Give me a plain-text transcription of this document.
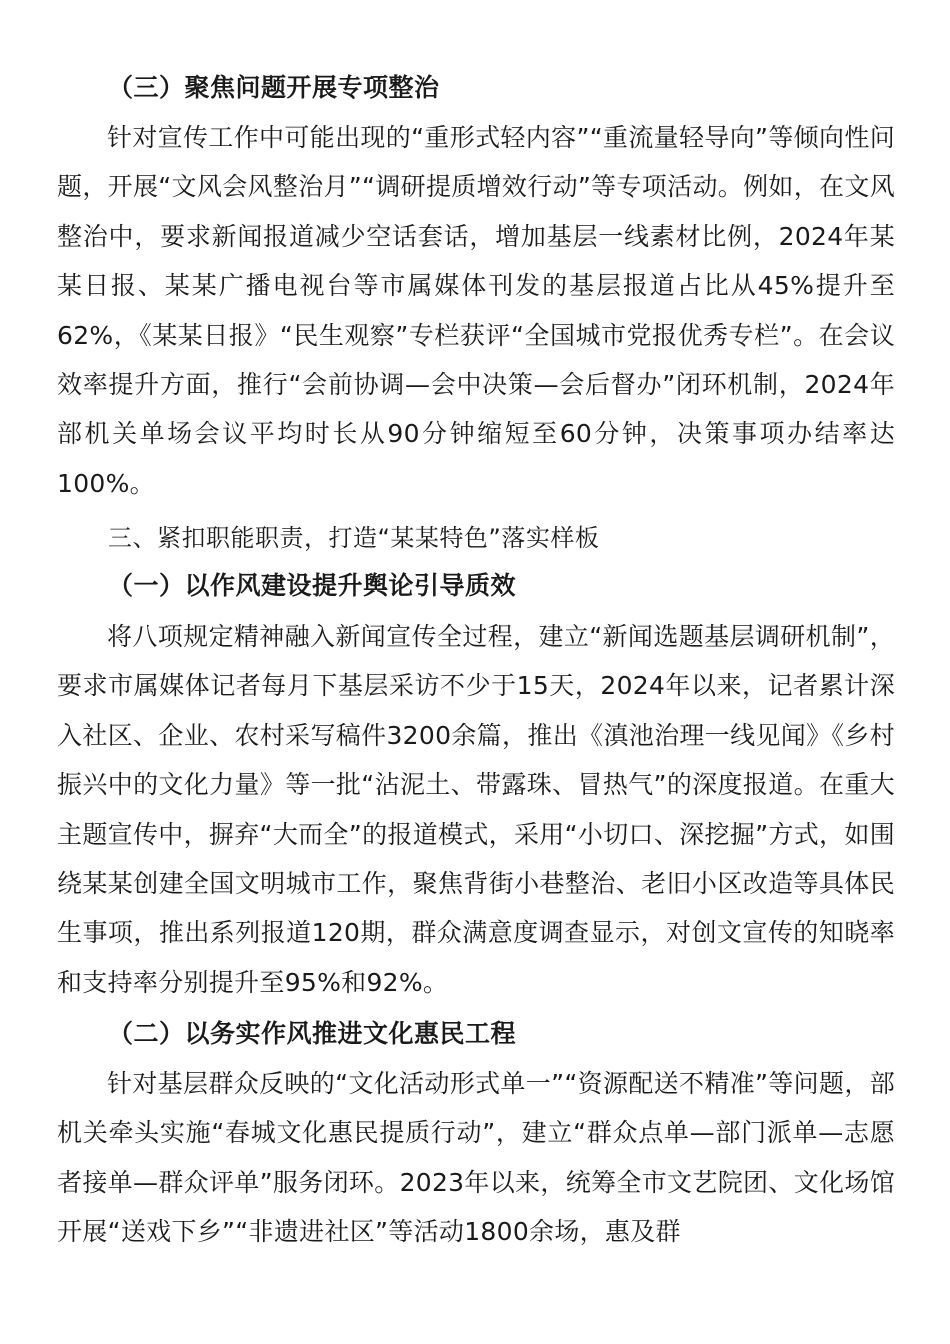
（三）聚焦问题开展专项整治

针对宣传工作中可能出现的“重形式轻内容”“重流量轻导向”等倾向性问题，开展“文风会风整治月”“调研提质增效行动”等专项活动。例如，在文风整治中，要求新闻报道减少空话套话，增加基层一线素材比例，2024年某某日报、某某广播电视台等市属媒体刊发的基层报道占比从45%提升至62%，《某某日报》“民生观察”专栏获评“全国城市党报优秀专栏”。在会议效率提升方面，推行“会前协调—会中决策—会后督办”闭环机制，2024年部机关单场会议平均时长从90分钟缩短至60分钟，决策事项办结率达100%。

三、紧扣职能职责，打造“某某特色”落实样板
（一）以作风建设提升舆论引导质效

将八项规定精神融入新闻宣传全过程，建立“新闻选题基层调研机制”，要求市属媒体记者每月下基层采访不少于15天，2024年以来，记者累计深入社区、企业、农村采写稿件3200余篇，推出《滇池治理一线见闻》《乡村振兴中的文化力量》等一批“沾泥土、带露珠、冒热气”的深度报道。在重大主题宣传中，摒弃“大而全”的报道模式，采用“小切口、深挖掘”方式，如围绕某某创建全国文明城市工作，聚焦背街小巷整治、老旧小区改造等具体民生事项，推出系列报道120期，群众满意度调查显示，对创文宣传的知晓率和支持率分别提升至95%和92%。

（二）以务实作风推进文化惠民工程

针对基层群众反映的“文化活动形式单一”“资源配送不精准”等问题，部机关牵头实施“春城文化惠民提质行动”，建立“群众点单—部门派单—志愿者接单—群众评单”服务闭环。2023年以来，统筹全市文艺院团、文化场馆开展“送戏下乡”“非遗进社区”等活动1800余场，惠及群
